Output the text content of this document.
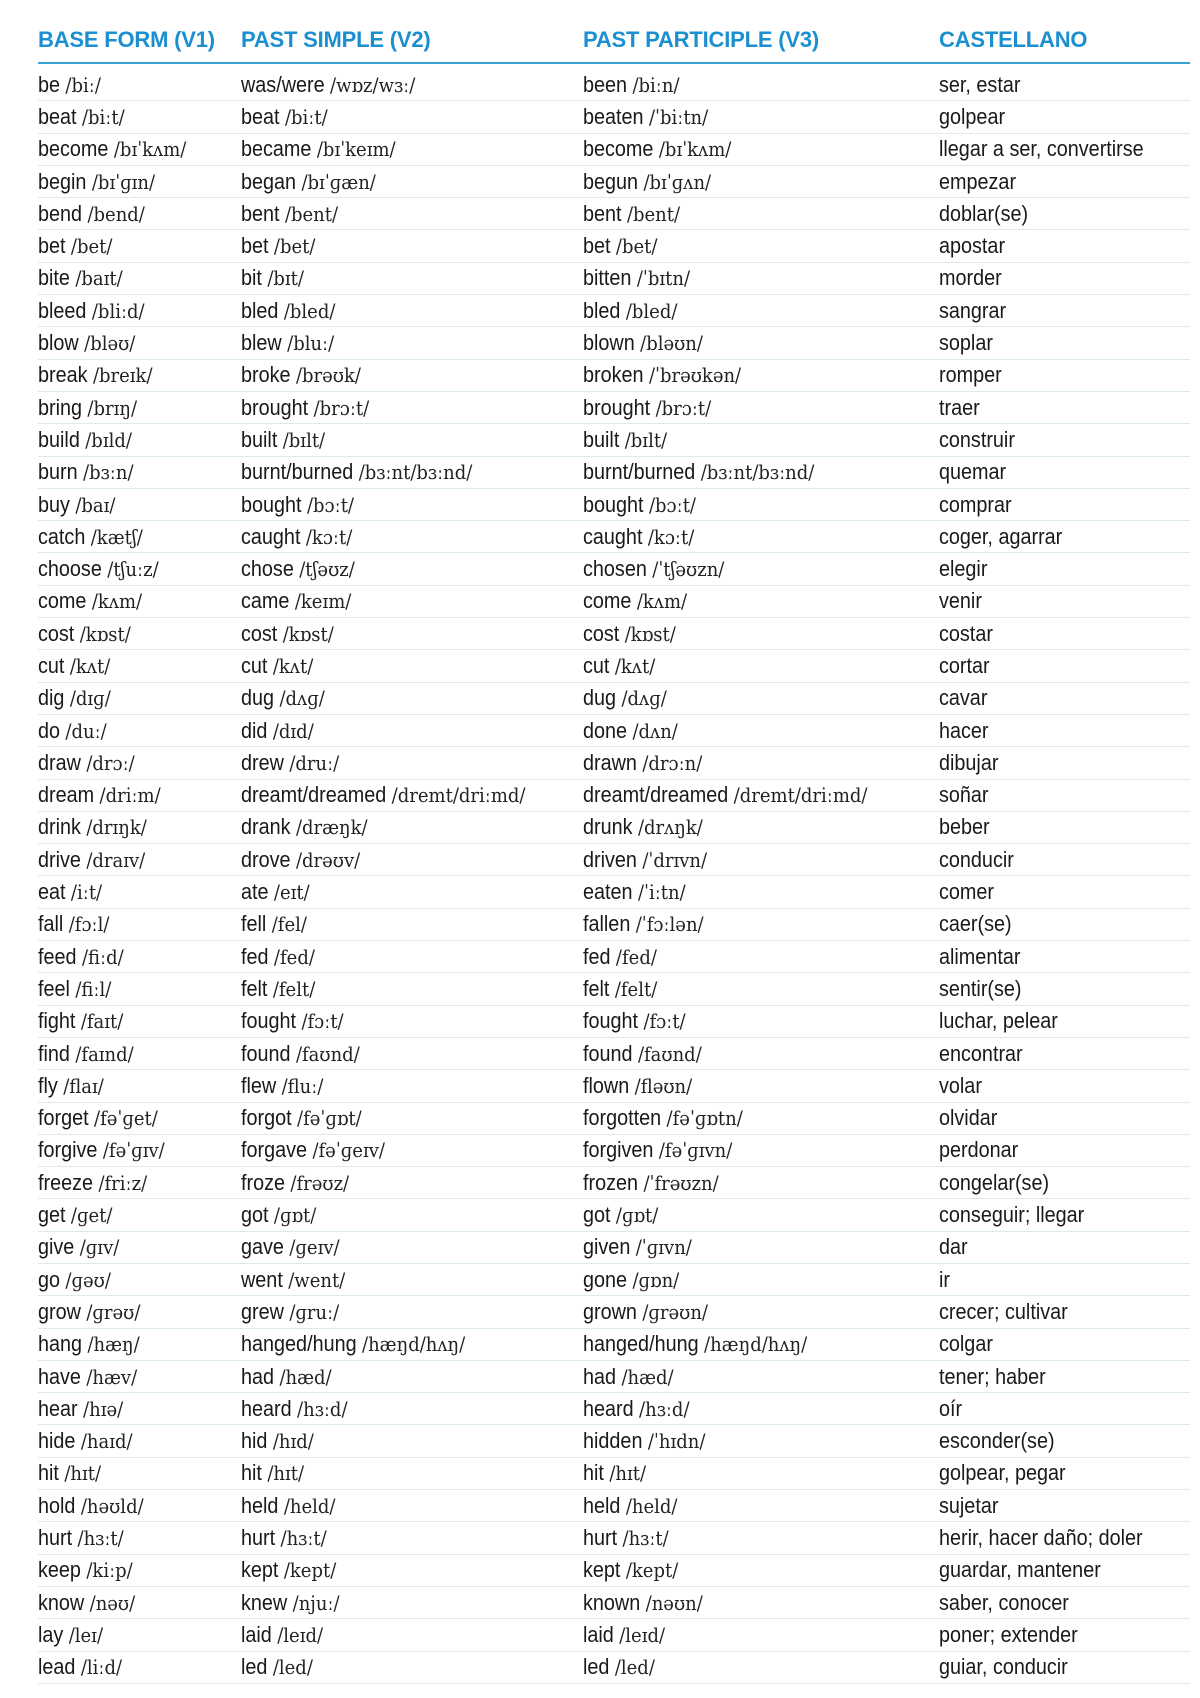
BASE FORM (V1)	PAST SIMPLE (V2)	PAST PARTICIPLE (V3)	CASTELLANO
be /biː/	was/were /wɒz/wɜː/	been /biːn/	ser, estar
beat /biːt/	beat /biːt/	beaten /ˈbiːtn/	golpear
become /bɪˈkʌm/	became /bɪˈkeɪm/	become /bɪˈkʌm/	llegar a ser, convertirse
begin /bɪˈɡɪn/	began /bɪˈɡæn/	begun /bɪˈɡʌn/	empezar
bend /bend/	bent /bent/	bent /bent/	doblar(se)
bet /bet/	bet /bet/	bet /bet/	apostar
bite /baɪt/	bit /bɪt/	bitten /ˈbɪtn/	morder
bleed /bliːd/	bled /bled/	bled /bled/	sangrar
blow /bləʊ/	blew /bluː/	blown /bləʊn/	soplar
break /breɪk/	broke /brəʊk/	broken /ˈbrəʊkən/	romper
bring /brɪŋ/	brought /brɔːt/	brought /brɔːt/	traer
build /bɪld/	built /bɪlt/	built /bɪlt/	construir
burn /bɜːn/	burnt/burned /bɜːnt/bɜːnd/	burnt/burned /bɜːnt/bɜːnd/	quemar
buy /baɪ/	bought /bɔːt/	bought /bɔːt/	comprar
catch /kætʃ/	caught /kɔːt/	caught /kɔːt/	coger, agarrar
choose /tʃuːz/	chose /tʃəʊz/	chosen /ˈtʃəʊzn/	elegir
come /kʌm/	came /keɪm/	come /kʌm/	venir
cost /kɒst/	cost /kɒst/	cost /kɒst/	costar
cut /kʌt/	cut /kʌt/	cut /kʌt/	cortar
dig /dɪɡ/	dug /dʌɡ/	dug /dʌɡ/	cavar
do /duː/	did /dɪd/	done /dʌn/	hacer
draw /drɔː/	drew /druː/	drawn /drɔːn/	dibujar
dream /driːm/	dreamt/dreamed /dremt/driːmd/	dreamt/dreamed /dremt/driːmd/	soñar
drink /drɪŋk/	drank /dræŋk/	drunk /drʌŋk/	beber
drive /draɪv/	drove /drəʊv/	driven /ˈdrɪvn/	conducir
eat /iːt/	ate /eɪt/	eaten /ˈiːtn/	comer
fall /fɔːl/	fell /fel/	fallen /ˈfɔːlən/	caer(se)
feed /fiːd/	fed /fed/	fed /fed/	alimentar
feel /fiːl/	felt /felt/	felt /felt/	sentir(se)
fight /faɪt/	fought /fɔːt/	fought /fɔːt/	luchar, pelear
find /faɪnd/	found /faʊnd/	found /faʊnd/	encontrar
fly /flaɪ/	flew /fluː/	flown /fləʊn/	volar
forget /fəˈɡet/	forgot /fəˈɡɒt/	forgotten /fəˈɡɒtn/	olvidar
forgive /fəˈɡɪv/	forgave /fəˈɡeɪv/	forgiven /fəˈɡɪvn/	perdonar
freeze /friːz/	froze /frəʊz/	frozen /ˈfrəʊzn/	congelar(se)
get /ɡet/	got /ɡɒt/	got /ɡɒt/	conseguir; llegar
give /ɡɪv/	gave /ɡeɪv/	given /ˈɡɪvn/	dar
go /ɡəʊ/	went /went/	gone /ɡɒn/	ir
grow /ɡrəʊ/	grew /ɡruː/	grown /ɡrəʊn/	crecer; cultivar
hang /hæŋ/	hanged/hung /hæŋd/hʌŋ/	hanged/hung /hæŋd/hʌŋ/	colgar
have /hæv/	had /hæd/	had /hæd/	tener; haber
hear /hɪə/	heard /hɜːd/	heard /hɜːd/	oír
hide /haɪd/	hid /hɪd/	hidden /ˈhɪdn/	esconder(se)
hit /hɪt/	hit /hɪt/	hit /hɪt/	golpear, pegar
hold /həʊld/	held /held/	held /held/	sujetar
hurt /hɜːt/	hurt /hɜːt/	hurt /hɜːt/	herir, hacer daño; doler
keep /kiːp/	kept /kept/	kept /kept/	guardar, mantener
know /nəʊ/	knew /njuː/	known /nəʊn/	saber, conocer
lay /leɪ/	laid /leɪd/	laid /leɪd/	poner; extender
lead /liːd/	led /led/	led /led/	guiar, conducir
